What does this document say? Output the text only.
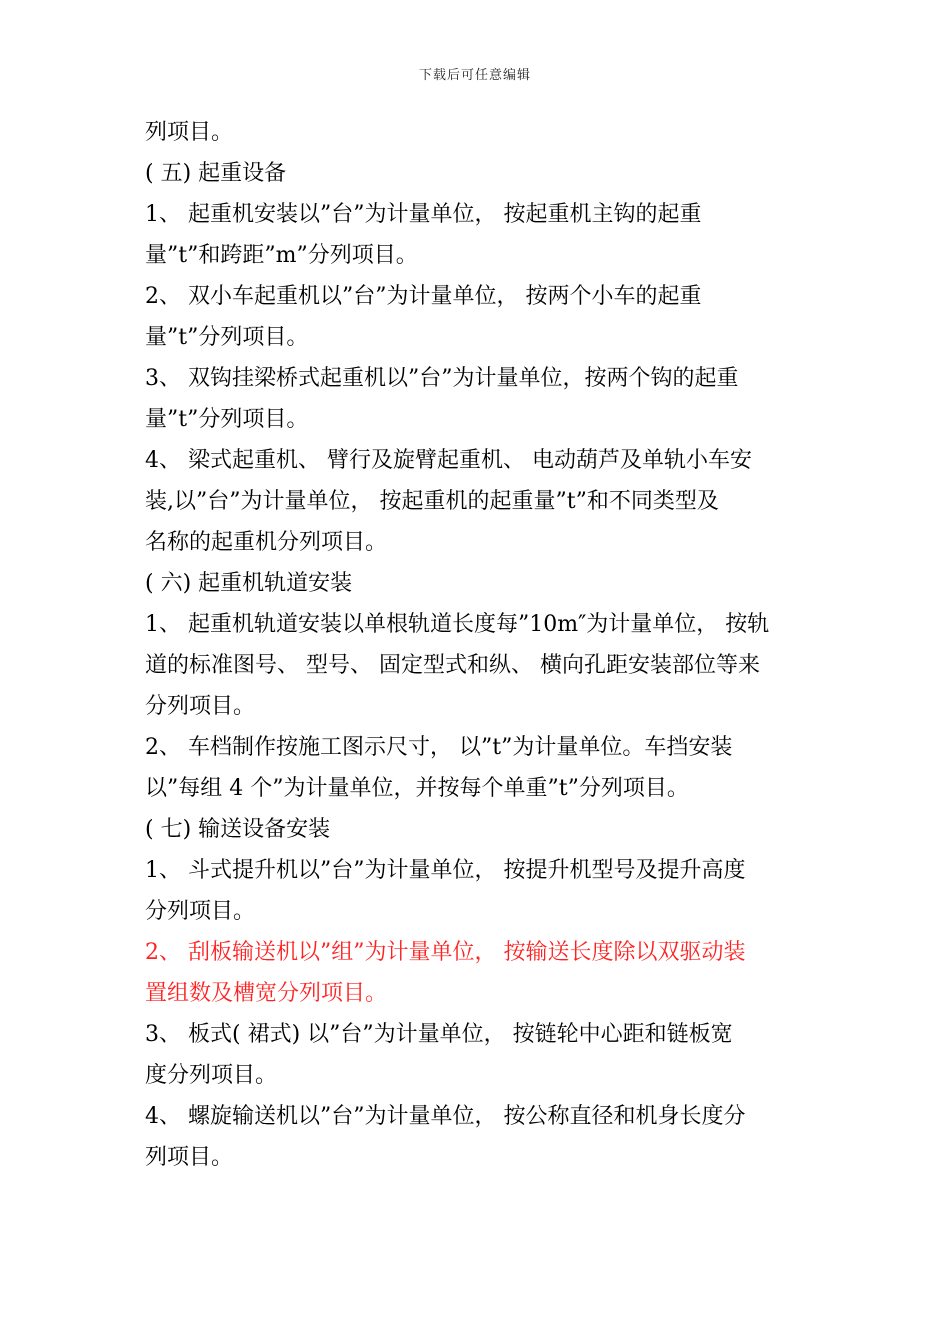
下载后可任意编辑
列项目。
( 五) 起重设备
1、 起重机安装以”台”为计量单位， 按起重机主钩的起重
量”t”和跨距”m”分列项目。
2、 双小车起重机以”台”为计量单位， 按两个小车的起重
量”t”分列项目。
3、 双钩挂梁桥式起重机以”台”为计量单位，按两个钩的起重
量”t”分列项目。
4、 梁式起重机、 臂行及旋臂起重机、 电动葫芦及单轨小车安
装,以”台”为计量单位， 按起重机的起重量”t”和不同类型及
名称的起重机分列项目。
( 六) 起重机轨道安装
1、 起重机轨道安装以单根轨道长度每”10m″为计量单位， 按轨
道的标准图号、 型号、 固定型式和纵、 横向孔距安装部位等来
分列项目。
2、 车档制作按施工图示尺寸， 以”t”为计量单位。车挡安装
以”每组 4 个”为计量单位，并按每个单重”t”分列项目。
( 七) 输送设备安装
1、 斗式提升机以”台”为计量单位， 按提升机型号及提升高度
分列项目。
2、 刮板输送机以”组”为计量单位， 按输送长度除以双驱动装
置组数及槽宽分列项目。
3、 板式( 裙式) 以”台”为计量单位， 按链轮中心距和链板宽
度分列项目。
4、 螺旋输送机以”台”为计量单位， 按公称直径和机身长度分
列项目。
